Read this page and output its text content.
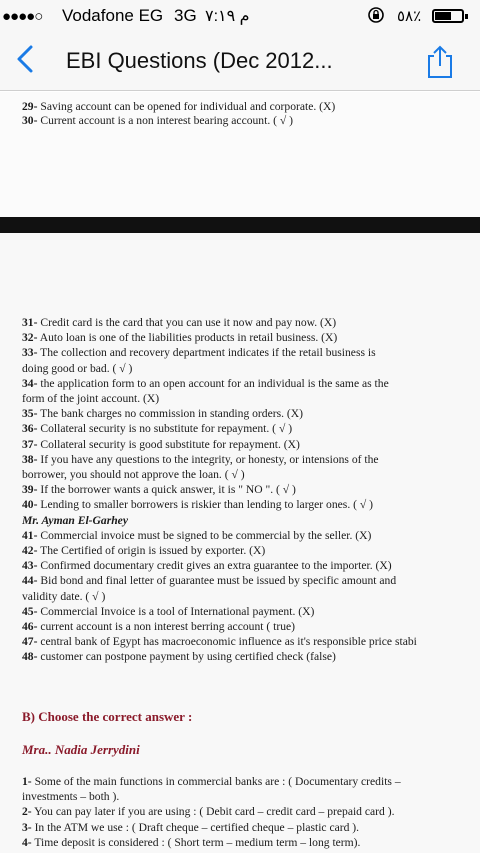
●●●●○ Vodafone EG 3G م ٧:١٩	٥٨٪
EBI Questions (Dec 2012...
29- Saving account can be opened for individual and corporate. (X)
30- Current account is a non interest bearing account. ( √ )
31- Credit card is the card that you can use it now and pay now. (X)
32- Auto loan is one of the liabilities products in retail business. (X)
33- The collection and recovery department indicates if the retail business is
doing good or bad. ( √ )
34- the application form to an open account for an individual is the same as the
form of the joint account. (X)
35- The bank charges no commission in standing orders. (X)
36- Collateral security is no substitute for repayment. ( √ )
37- Collateral security is good substitute for repayment. (X)
38- If you have any questions to the integrity, or honesty, or intensions of the
borrower, you should not approve the loan. ( √ )
39- If the borrower wants a quick answer, it is " NO ". ( √ )
40- Lending to smaller borrowers is riskier than lending to larger ones. ( √ )
Mr. Ayman El-Garhey
41- Commercial invoice must be signed to be commercial by the seller. (X)
42- The Certified of origin is issued by exporter. (X)
43- Confirmed documentary credit gives an extra guarantee to the importer. (X)
44- Bid bond and final letter of guarantee must be issued by specific amount and
validity date. ( √ )
45- Commercial Invoice is a tool of International payment. (X)
46- current account is a non interest berring account ( true)
47- central bank of Egypt has macroeconomic influence as it's responsible price stabi
48- customer can postpone payment by using certified check (false)
B) Choose the correct answer :
Mra.. Nadia Jerrydini
1- Some of the main functions in commercial banks are : ( Documentary credits –
investments – both ).
2- You can pay later if you are using : ( Debit card – credit card – prepaid card ).
3- In the ATM we use : ( Draft cheque – certified cheque – plastic card ).
4- Time deposit is considered : ( Short term – medium term – long term).
